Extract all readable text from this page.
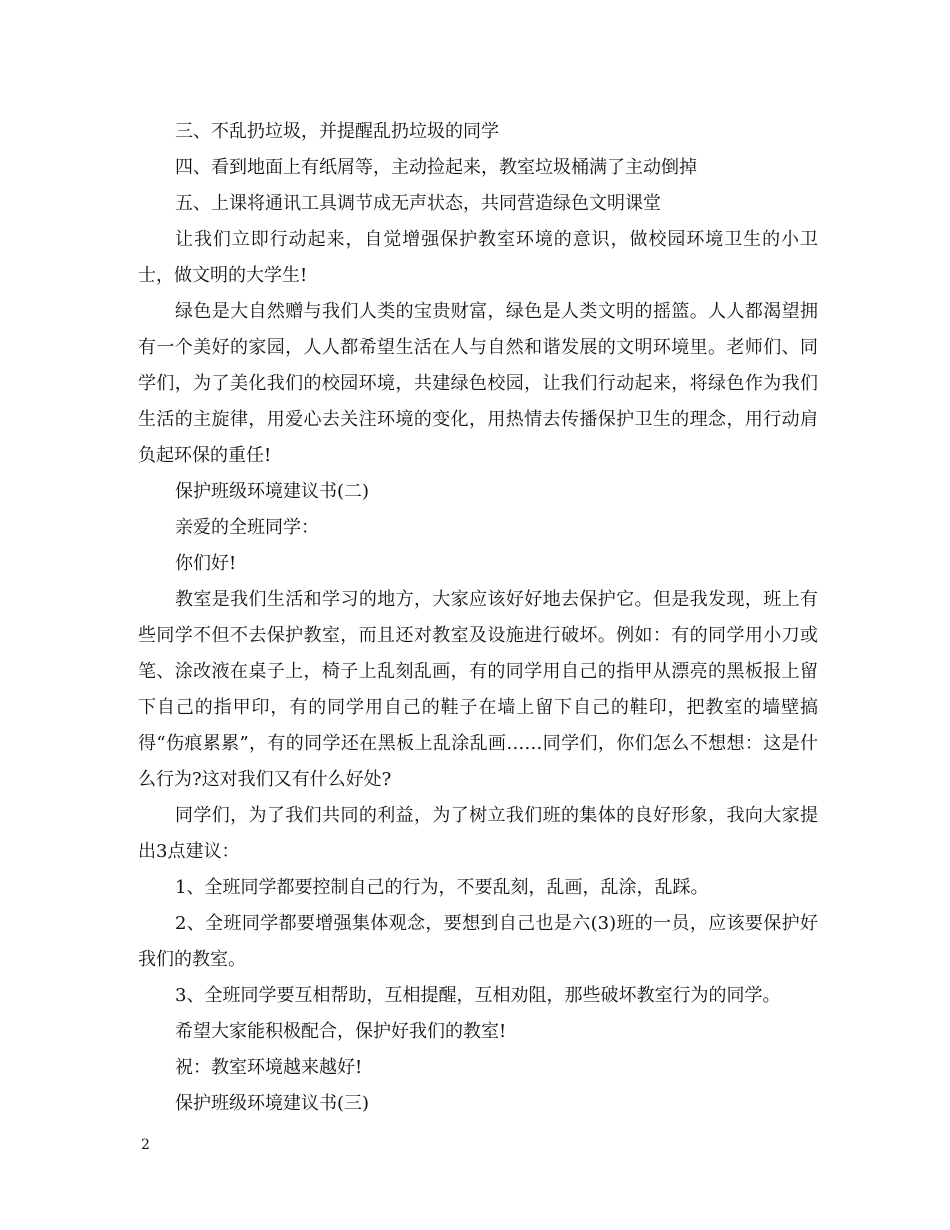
三、不乱扔垃圾，并提醒乱扔垃圾的同学

四、看到地面上有纸屑等，主动捡起来，教室垃圾桶满了主动倒掉

五、上课将通讯工具调节成无声状态，共同营造绿色文明课堂

让我们立即行动起来，自觉增强保护教室环境的意识，做校园环境卫生的小卫士，做文明的大学生!

绿色是大自然赠与我们人类的宝贵财富，绿色是人类文明的摇篮。人人都渴望拥有一个美好的家园，人人都希望生活在人与自然和谐发展的文明环境里。老师们、同学们，为了美化我们的校园环境，共建绿色校园，让我们行动起来，将绿色作为我们生活的主旋律，用爱心去关注环境的变化，用热情去传播保护卫生的理念，用行动肩负起环保的重任!

保护班级环境建议书(二)

亲爱的全班同学：

你们好!

教室是我们生活和学习的地方，大家应该好好地去保护它。但是我发现，班上有些同学不但不去保护教室，而且还对教室及设施进行破坏。例如：有的同学用小刀或笔、涂改液在桌子上，椅子上乱刻乱画，有的同学用自己的指甲从漂亮的黑板报上留下自己的指甲印，有的同学用自己的鞋子在墙上留下自己的鞋印，把教室的墙壁搞得“伤痕累累”，有的同学还在黑板上乱涂乱画……同学们，你们怎么不想想：这是什么行为?这对我们又有什么好处?

同学们，为了我们共同的利益，为了树立我们班的集体的良好形象，我向大家提出3点建议：

1、全班同学都要控制自己的行为，不要乱刻，乱画，乱涂，乱踩。

2、全班同学都要增强集体观念，要想到自己也是六(3)班的一员，应该要保护好我们的教室。

3、全班同学要互相帮助，互相提醒，互相劝阻，那些破坏教室行为的同学。

希望大家能积极配合，保护好我们的教室!

祝：教室环境越来越好!

保护班级环境建议书(三)

2
